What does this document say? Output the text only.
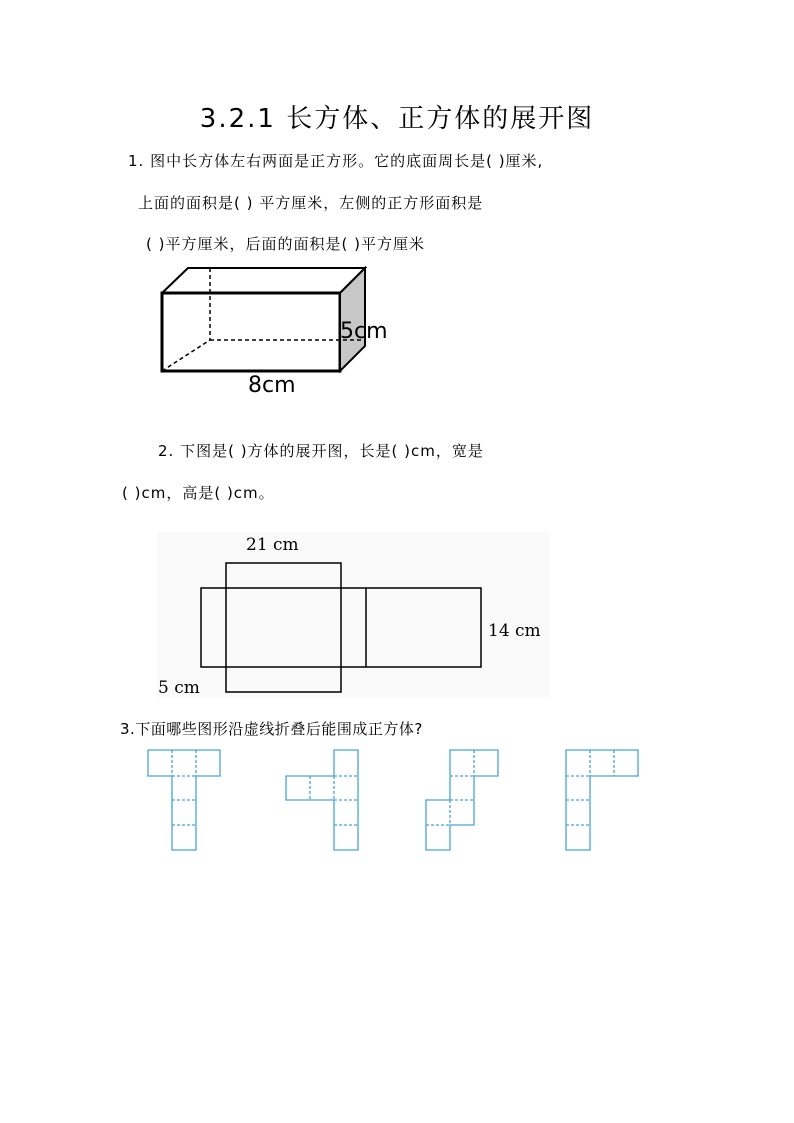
3.2.1 长方体、正方体的展开图
1. 图中长方体左右两面是正方形。它的底面周长是( )厘米,
上面的面积是( ) 平方厘米，左侧的正方形面积是
( )平方厘米，后面的面积是( )平方厘米
5cm
8cm
2. 下图是( )方体的展开图，长是( )cm，宽是
( )cm，高是( )cm。
21 cm
14 cm
5 cm
3.下面哪些图形沿虚线折叠后能围成正方体?
